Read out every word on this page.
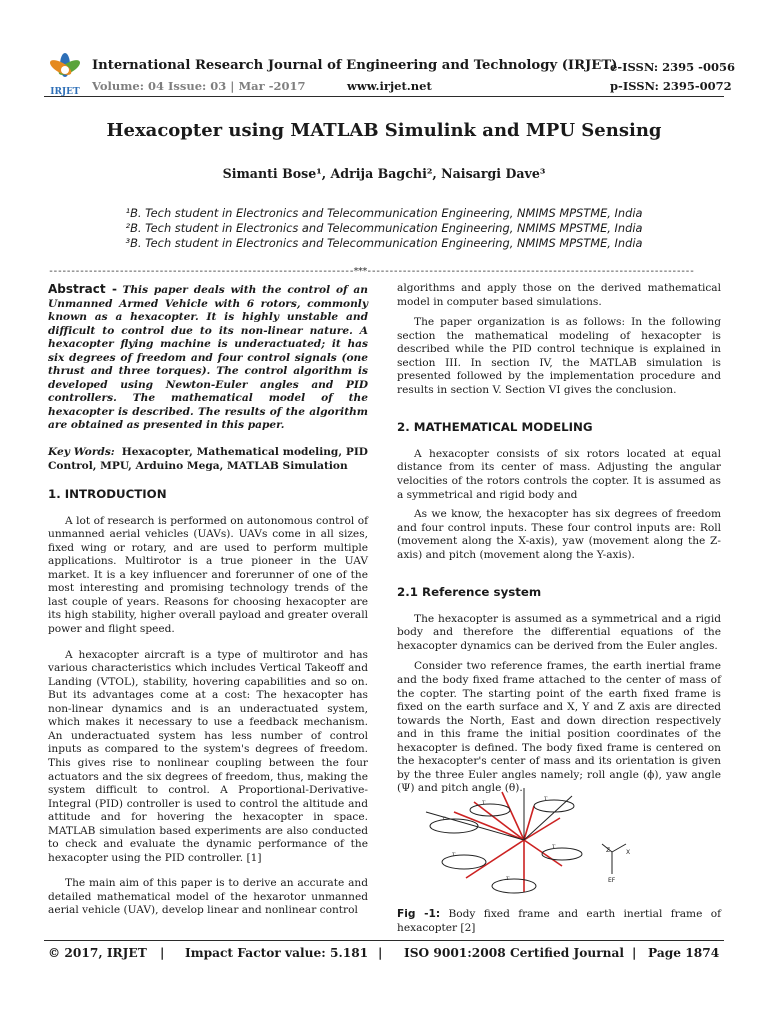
IRJET
International Research Journal of Engineering and Technology (IRJET)
e-ISSN: 2395 -0056
Volume: 04 Issue: 03 | Mar -2017	www.irjet.net	p-ISSN: 2395-0072
Hexacopter using MATLAB Simulink and MPU Sensing
Simanti Bose¹, Adrija Bagchi², Naisargi Dave³
¹B. Tech student in Electronics and Telecommunication Engineering, NMIMS MPSTME, India
²B. Tech student in Electronics and Telecommunication Engineering, NMIMS MPSTME, India
³B. Tech student in Electronics and Telecommunication Engineering, NMIMS MPSTME, India
---------------------------------------------------------------------***--------------------------------------------------------------------------

Abstract - This paper deals with the control of an Unmanned Armed Vehicle with 6 rotors, commonly known as a hexacopter. It is highly unstable and difficult to control due to its non-linear nature. A hexacopter flying machine is underactuated; it has six degrees of freedom and four control signals (one thrust and three torques). The control algorithm is developed using Newton-Euler angles and PID controllers. The mathematical model of the hexacopter is described. The results of the algorithm are obtained as presented in this paper.

Key Words: Hexacopter, Mathematical modeling, PID Control, MPU, Arduino Mega, MATLAB Simulation

1. INTRODUCTION

A lot of research is performed on autonomous control of unmanned aerial vehicles (UAVs). UAVs come in all sizes, fixed wing or rotary, and are used to perform multiple applications. Multirotor is a true pioneer in the UAV market. It is a key influencer and forerunner of one of the most interesting and promising technology trends of the last couple of years. Reasons for choosing hexacopter are its high stability, higher overall payload and greater overall power and flight speed.

A hexacopter aircraft is a type of multirotor and has various characteristics which includes Vertical Takeoff and Landing (VTOL), stability, hovering capabilities and so on. But its advantages come at a cost: The hexacopter has non-linear dynamics and is an underactuated system, which makes it necessary to use a feedback mechanism. An underactuated system has less number of control inputs as compared to the system's degrees of freedom. This gives rise to nonlinear coupling between the four actuators and the six degrees of freedom, thus, making the system difficult to control. A Proportional-Derivative-Integral (PID) controller is used to control the altitude and attitude and for hovering the hexacopter in space. MATLAB simulation based experiments are also conducted to check and evaluate the dynamic performance of the hexacopter using the PID controller. [1]

The main aim of this paper is to derive an accurate and detailed mathematical model of the hexarotor unmanned aerial vehicle (UAV), develop linear and nonlinear control

algorithms and apply those on the derived mathematical model in computer based simulations.

The paper organization is as follows: In the following section the mathematical modeling of hexacopter is described while the PID control technique is explained in section III. In section IV, the MATLAB simulation is presented followed by the implementation procedure and results in section V. Section VI gives the conclusion.

2. MATHEMATICAL MODELING

A hexacopter consists of six rotors located at equal distance from its center of mass. Adjusting the angular velocities of the rotors controls the copter. It is assumed as a symmetrical and rigid body and

As we know, the hexacopter has six degrees of freedom and four control inputs. These four control inputs are: Roll (movement along the X-axis), yaw (movement along the Z-axis) and pitch (movement along the Y-axis).

2.1 Reference system

The hexacopter is assumed as a symmetrical and a rigid body and therefore the differential equations of the hexacopter dynamics can be derived from the Euler angles.

Consider two reference frames, the earth inertial frame and the body fixed frame attached to the center of mass of the copter. The starting point of the earth fixed frame is fixed on the earth surface and X, Y and Z axis are directed towards the North, East and down direction respectively and in this frame the initial position coordinates of the hexacopter is defined. The body fixed frame is centered on the hexacopter's center of mass and its orientation is given by the three Euler angles namely; roll angle (ϕ), yaw angle (Ψ) and pitch angle (θ).

T
T
T
T
T
T
Z	X
EF

Fig -1: Body fixed frame and earth inertial frame of hexacopter [2]

© 2017, IRJET | Impact Factor value: 5.181 | ISO 9001:2008 Certified Journal | Page 1874
